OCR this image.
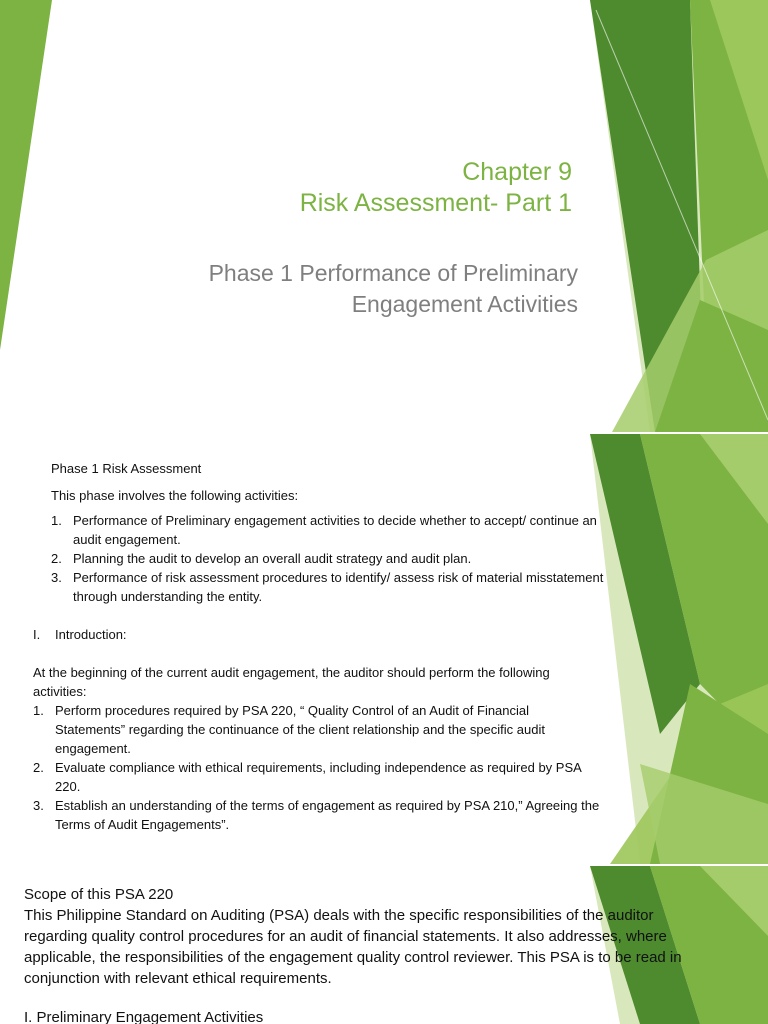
Chapter 9
Risk Assessment- Part 1
Phase 1 Performance of Preliminary
Engagement Activities
Phase 1 Risk Assessment
This phase involves the following activities:
1. Performance of Preliminary engagement activities to decide whether to accept/ continue an
audit engagement.
2. Planning the audit to develop an overall audit strategy and audit plan.
3. Performance of risk assessment procedures to identify/ assess risk of material misstatement
through understanding the entity.
I. Introduction:
At the beginning of the current audit engagement, the auditor should perform the following
activities:
1. Perform procedures required by PSA 220, “ Quality Control of an Audit of Financial
Statements” regarding the continuance of the client relationship and the specific audit
engagement.
2. Evaluate compliance with ethical requirements, including independence as required by PSA
220.
3. Establish an understanding of the terms of engagement as required by PSA 210,” Agreeing the
Terms of Audit Engagements”.
Scope of this PSA 220
This Philippine Standard on Auditing (PSA) deals with the specific responsibilities of the auditor
regarding quality control procedures for an audit of financial statements. It also addresses, where
applicable, the responsibilities of the engagement quality control reviewer. This PSA is to be read in
conjunction with relevant ethical requirements.
I. Preliminary Engagement Activities
